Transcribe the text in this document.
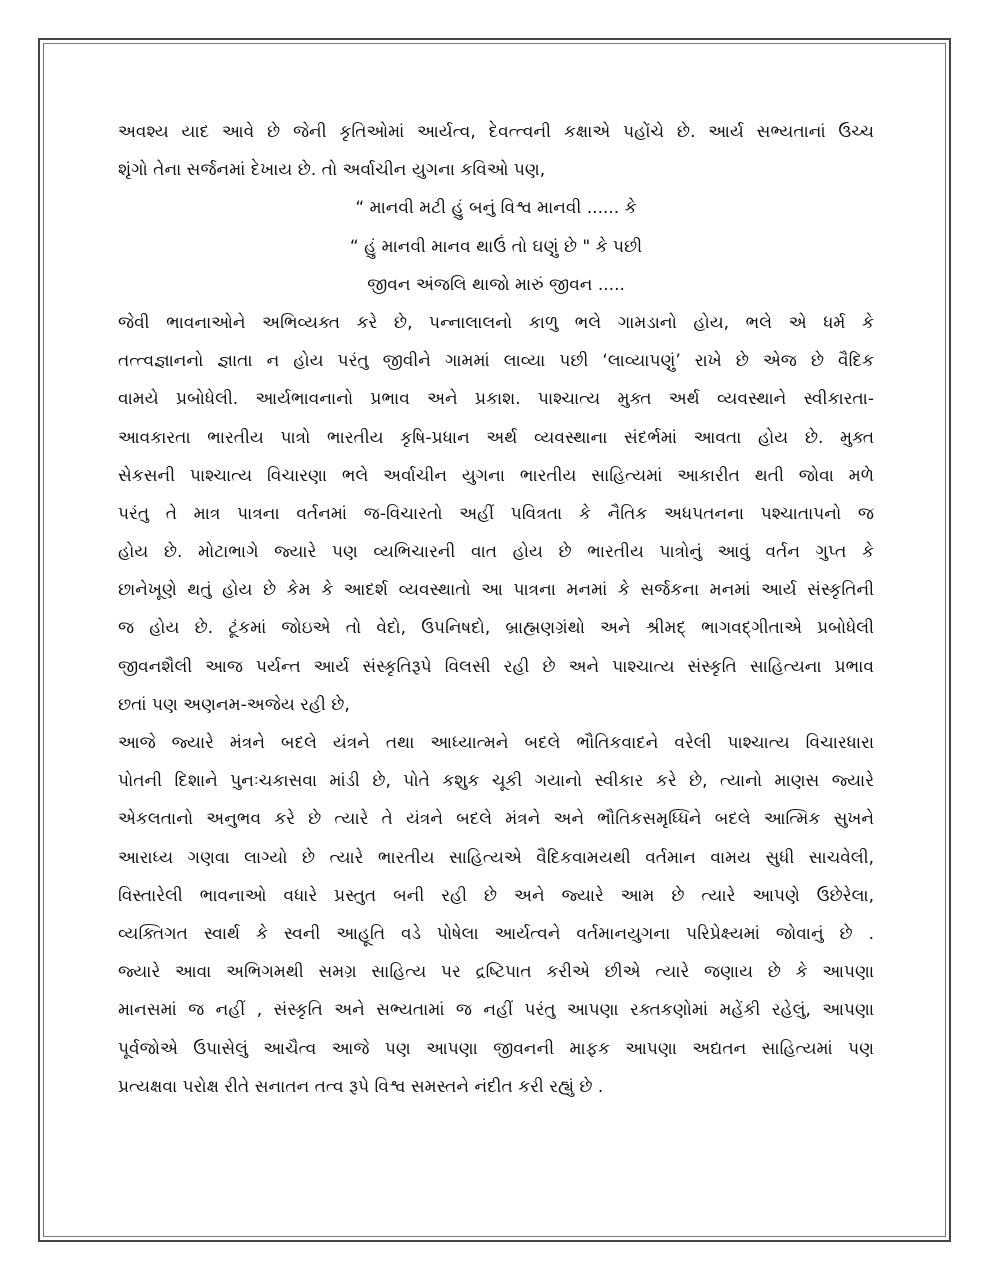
અવશ્ય યાદ આવે છે જેની કૃતિઓમાં આર્યત્વ, દેવત્ત્વની કક્ષાએ પહોંચે છે. આર્ય સભ્યતાનાં ઉચ્ચ
શૃંગો તેના સર્જનમાં દેખાય છે. તો અર્વાચીન યુગના કવિઓ પણ,
“ માનવી મટી હું બનું વિશ્વ માનવી ...... કે
“ હું માનવી માનવ થાઉં તો ઘણું છે " કે પછી
જીવન અંજલિ થાજો મારું જીવન .....
જેવી ભાવનાઓને અભિવ્યક્ત કરે છે, પન્નાલાલનો કાળુ ભલે ગામડાનો હોય, ભલે એ ધર્મ કે
તત્ત્વજ્ઞાનનો જ્ઞાતા ન હોય પરંતુ જીવીને ગામમાં લાવ્યા પછી ‘લાવ્યાપણું’ રાખે છે એજ છે વૈદિક
વામયે પ્રબોધેલી. આર્યભાવનાનો પ્રભાવ અને પ્રકાશ. પાશ્ચાત્ય મુક્ત અર્થ વ્યવસ્થાને સ્વીકારતા-
આવકારતા ભારતીય પાત્રો ભારતીય કૃષિ-પ્રધાન અર્થ વ્યવસ્થાના સંદર્ભમાં આવતા હોય છે. મુક્ત
સેકસની પાશ્ચાત્ય વિચારણા ભલે અર્વાચીન યુગના ભારતીય સાહિત્યમાં આકારીત થતી જોવા મળે
પરંતુ તે માત્ર પાત્રના વર્તનમાં જ-વિચારતો અહીં પવિત્રતા કે નૈતિક અધપતનના પશ્ચાતાપનો જ
હોય છે. મોટાભાગે જ્યારે પણ વ્યભિચારની વાત હોય છે ભારતીય પાત્રોનું આવું વર્તન ગુપ્ત કે
છાનેખૂણે થતું હોય છે કેમ કે આદર્શ વ્યવસ્થાતો આ પાત્રના મનમાં કે સર્જકના મનમાં આર્ય સંસ્કૃતિની
જ હોય છે. ટૂંકમાં જોઇએ તો વેદો, ઉપનિષદો, બ્રાહ્મણગ્રંથો અને શ્રીમદ્ ભાગવદ્ગીતાએ પ્રબોધેલી
જીવનશૈલી આજ પર્યન્ત આર્ય સંસ્કૃતિરૂપે વિલસી રહી છે અને પાશ્ચાત્ય સંસ્કૃતિ સાહિત્યના પ્રભાવ
છતાં પણ અણનમ-અજેય રહી છે,
આજે જ્યારે મંત્રને બદલે યંત્રને તથા આધ્યાત્મને બદલે ભૌતિકવાદને વરેલી પાશ્ચાત્ય વિચારધારા
પોતની દિશાને પુનઃચકાસવા માંડી છે, પોતે કશુક ચૂકી ગયાનો સ્વીકાર કરે છે, ત્યાનો માણસ જ્યારે
એકલતાનો અનુભવ કરે છે ત્યારે તે યંત્રને બદલે મંત્રને અને ભૌતિકસમૃધ્ધિને બદલે આત્મિક સુખને
આરાધ્ય ગણવા લાગ્યો છે ત્યારે ભારતીય સાહિત્યએ વૈદિકવામયથી વર્તમાન વામય સુધી સાચવેલી,
વિસ્તારેલી ભાવનાઓ વધારે પ્રસ્તુત બની રહી છે અને જ્યારે આમ છે ત્યારે આપણે ઉછેરેલા,
વ્યક્તિગત સ્વાર્થ કે સ્વની આહૂતિ વડે પોષેલા આર્યત્વને વર્તમાનયુગના પરિપ્રેક્ષ્યમાં જોવાનું છે .
જ્યારે આવા અભિગમથી સમગ્ર સાહિત્ય પર દ્રષ્ટિપાત કરીએ છીએ ત્યારે જણાય છે કે આપણા
માનસમાં જ નહીં , સંસ્કૃતિ અને સભ્યતામાં જ નહીં પરંતુ આપણા રક્તકણોમાં મહેંકી રહેલું, આપણા
પૂર્વજોએ ઉપાસેલું આચૈત્વ આજે પણ આપણા જીવનની માફક આપણા અદ્યતન સાહિત્યમાં પણ
પ્રત્યક્ષવા પરોક્ષ રીતે સનાતન તત્વ રૂપે વિશ્વ સમસ્તને નંદીત કરી રહ્યું છે .
